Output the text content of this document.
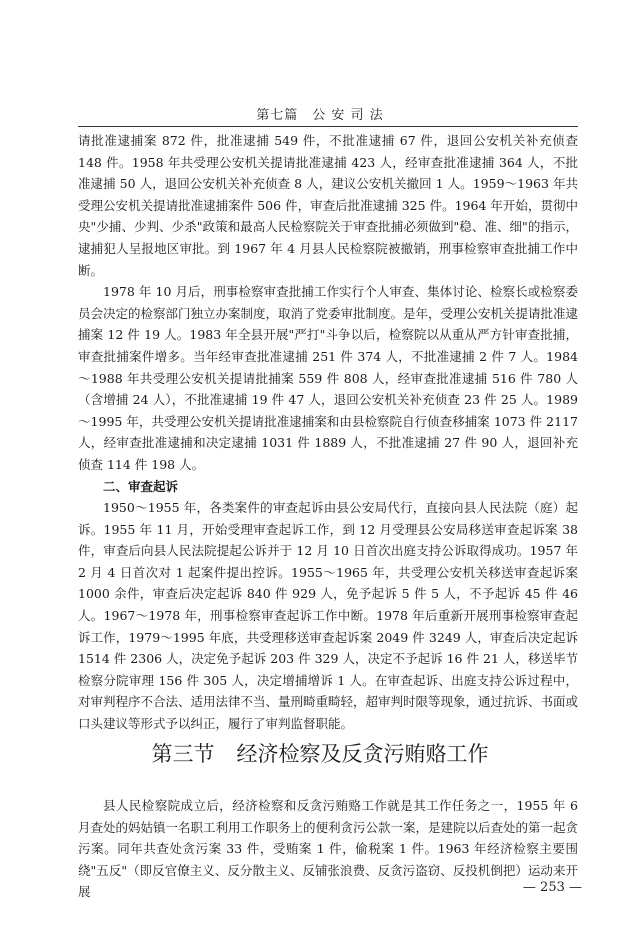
第七篇　公 安 司 法

请批准逮捕案 872 件，批准逮捕 549 件，不批准逮捕 67 件，退回公安机关补充侦查 148 件。1958 年共受理公安机关提请批准逮捕 423 人，经审查批准逮捕 364 人，不批准逮捕 50 人，退回公安机关补充侦查 8 人，建议公安机关撤回 1 人。1959～1963 年共受理公安机关提请批准逮捕案件 506 件，审查后批准逮捕 325 件。1964 年开始，贯彻中央"少捕、少判、少杀"政策和最高人民检察院关于审查批捕必须做到"稳、准、细"的指示，逮捕犯人呈报地区审批。到 1967 年 4 月县人民检察院被撤销，刑事检察审查批捕工作中断。

1978 年 10 月后，刑事检察审查批捕工作实行个人审查、集体讨论、检察长或检察委员会决定的检察部门独立办案制度，取消了党委审批制度。是年，受理公安机关提请批准逮捕案 12 件 19 人。1983 年全县开展"严打"斗争以后，检察院以从重从严方针审查批捕，审查批捕案件增多。当年经审查批准逮捕 251 件 374 人，不批准逮捕 2 件 7 人。1984～1988 年共受理公安机关提请批捕案 559 件 808 人，经审查批准逮捕 516 件 780 人（含增捕 24 人），不批准逮捕 19 件 47 人，退回公安机关补充侦查 23 件 25 人。1989～1995 年，共受理公安机关提请批准逮捕案和由县检察院自行侦查移捕案 1073 件 2117 人，经审查批准逮捕和决定逮捕 1031 件 1889 人，不批准逮捕 27 件 90 人，退回补充侦查 114 件 198 人。

二、审查起诉

1950～1955 年，各类案件的审查起诉由县公安局代行，直接向县人民法院（庭）起诉。1955 年 11 月，开始受理审查起诉工作，到 12 月受理县公安局移送审查起诉案 38 件，审查后向县人民法院提起公诉并于 12 月 10 日首次出庭支持公诉取得成功。1957 年 2 月 4 日首次对 1 起案件提出控诉。1955～1965 年，共受理公安机关移送审查起诉案 1000 余件，审查后决定起诉 840 件 929 人，免予起诉 5 件 5 人，不予起诉 45 件 46 人。1967～1978 年，刑事检察审查起诉工作中断。1978 年后重新开展刑事检察审查起诉工作，1979～1995 年底，共受理移送审查起诉案 2049 件 3249 人，审查后决定起诉 1514 件 2306 人，决定免予起诉 203 件 329 人，决定不予起诉 16 件 21 人，移送毕节检察分院审理 156 件 305 人，决定增捕增诉 1 人。在审查起诉、出庭支持公诉过程中，对审判程序不合法、适用法律不当、量刑畸重畸轻，超审判时限等现象，通过抗诉、书面或口头建议等形式予以纠正，履行了审判监督职能。

第三节 经济检察及反贪污贿赂工作

县人民检察院成立后，经济检察和反贪污贿赂工作就是其工作任务之一，1955 年 6 月查处的妈姑镇一名职工利用工作职务上的便利贪污公款一案，是建院以后查处的第一起贪污案。同年共查处贪污案 33 件，受贿案 1 件，偷税案 1 件。1963 年经济检察主要围绕"五反"（即反官僚主义、反分散主义、反铺张浪费、反贪污盗窃、反投机倒把）运动来开展	— 253 —
